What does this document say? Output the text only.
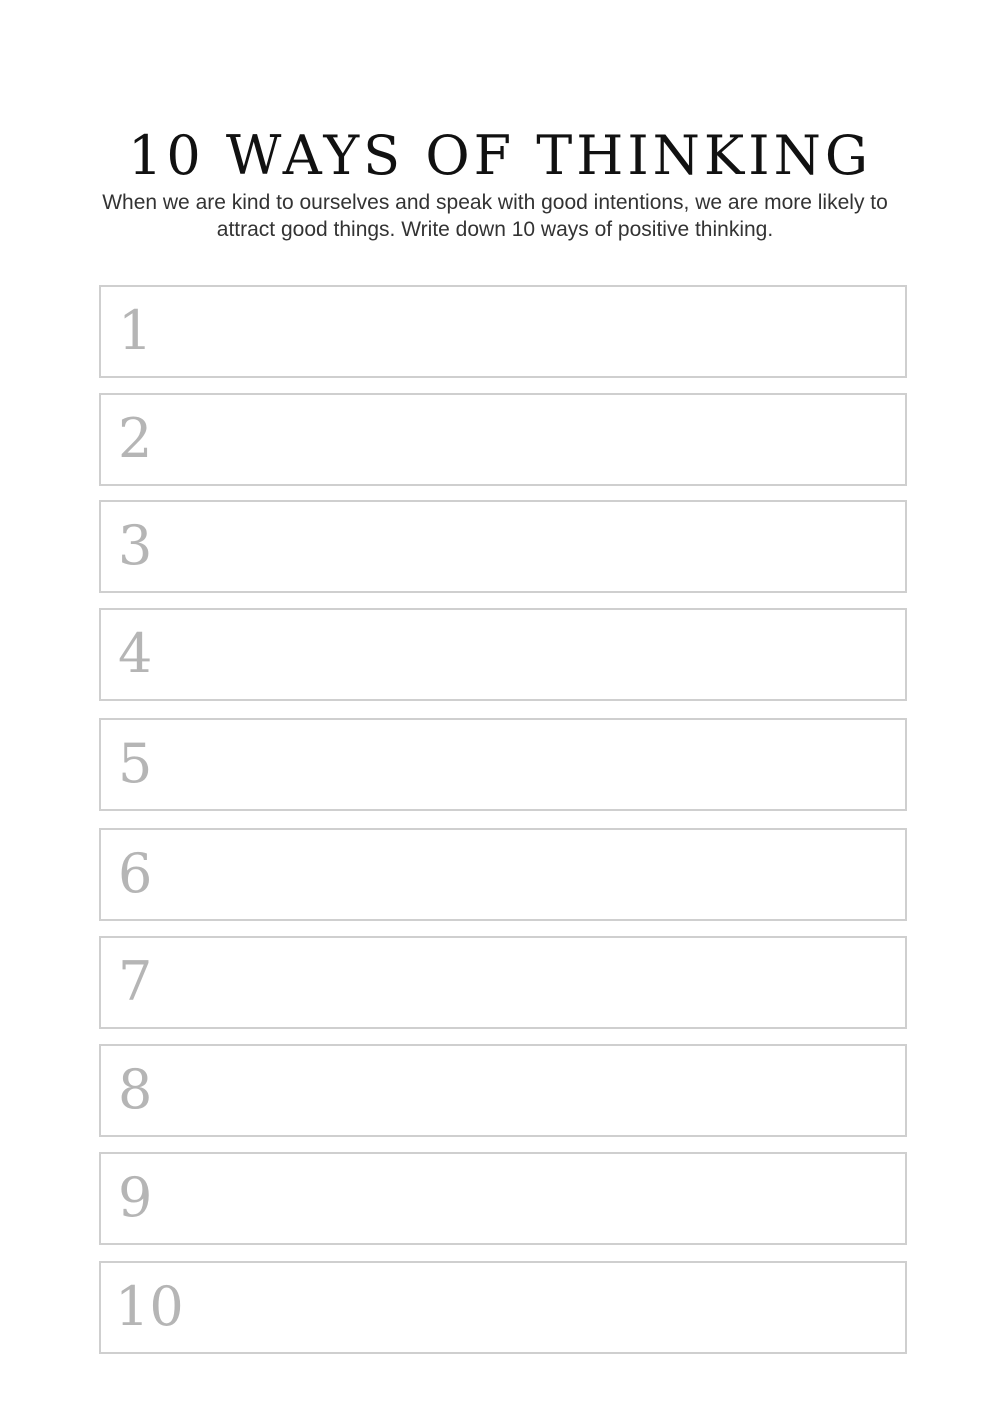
10 WAYS OF THINKING
When we are kind to ourselves and speak with good intentions, we are more likely to attract good things. Write down 10 ways of positive thinking.
1
2
3
4
5
6
7
8
9
10
